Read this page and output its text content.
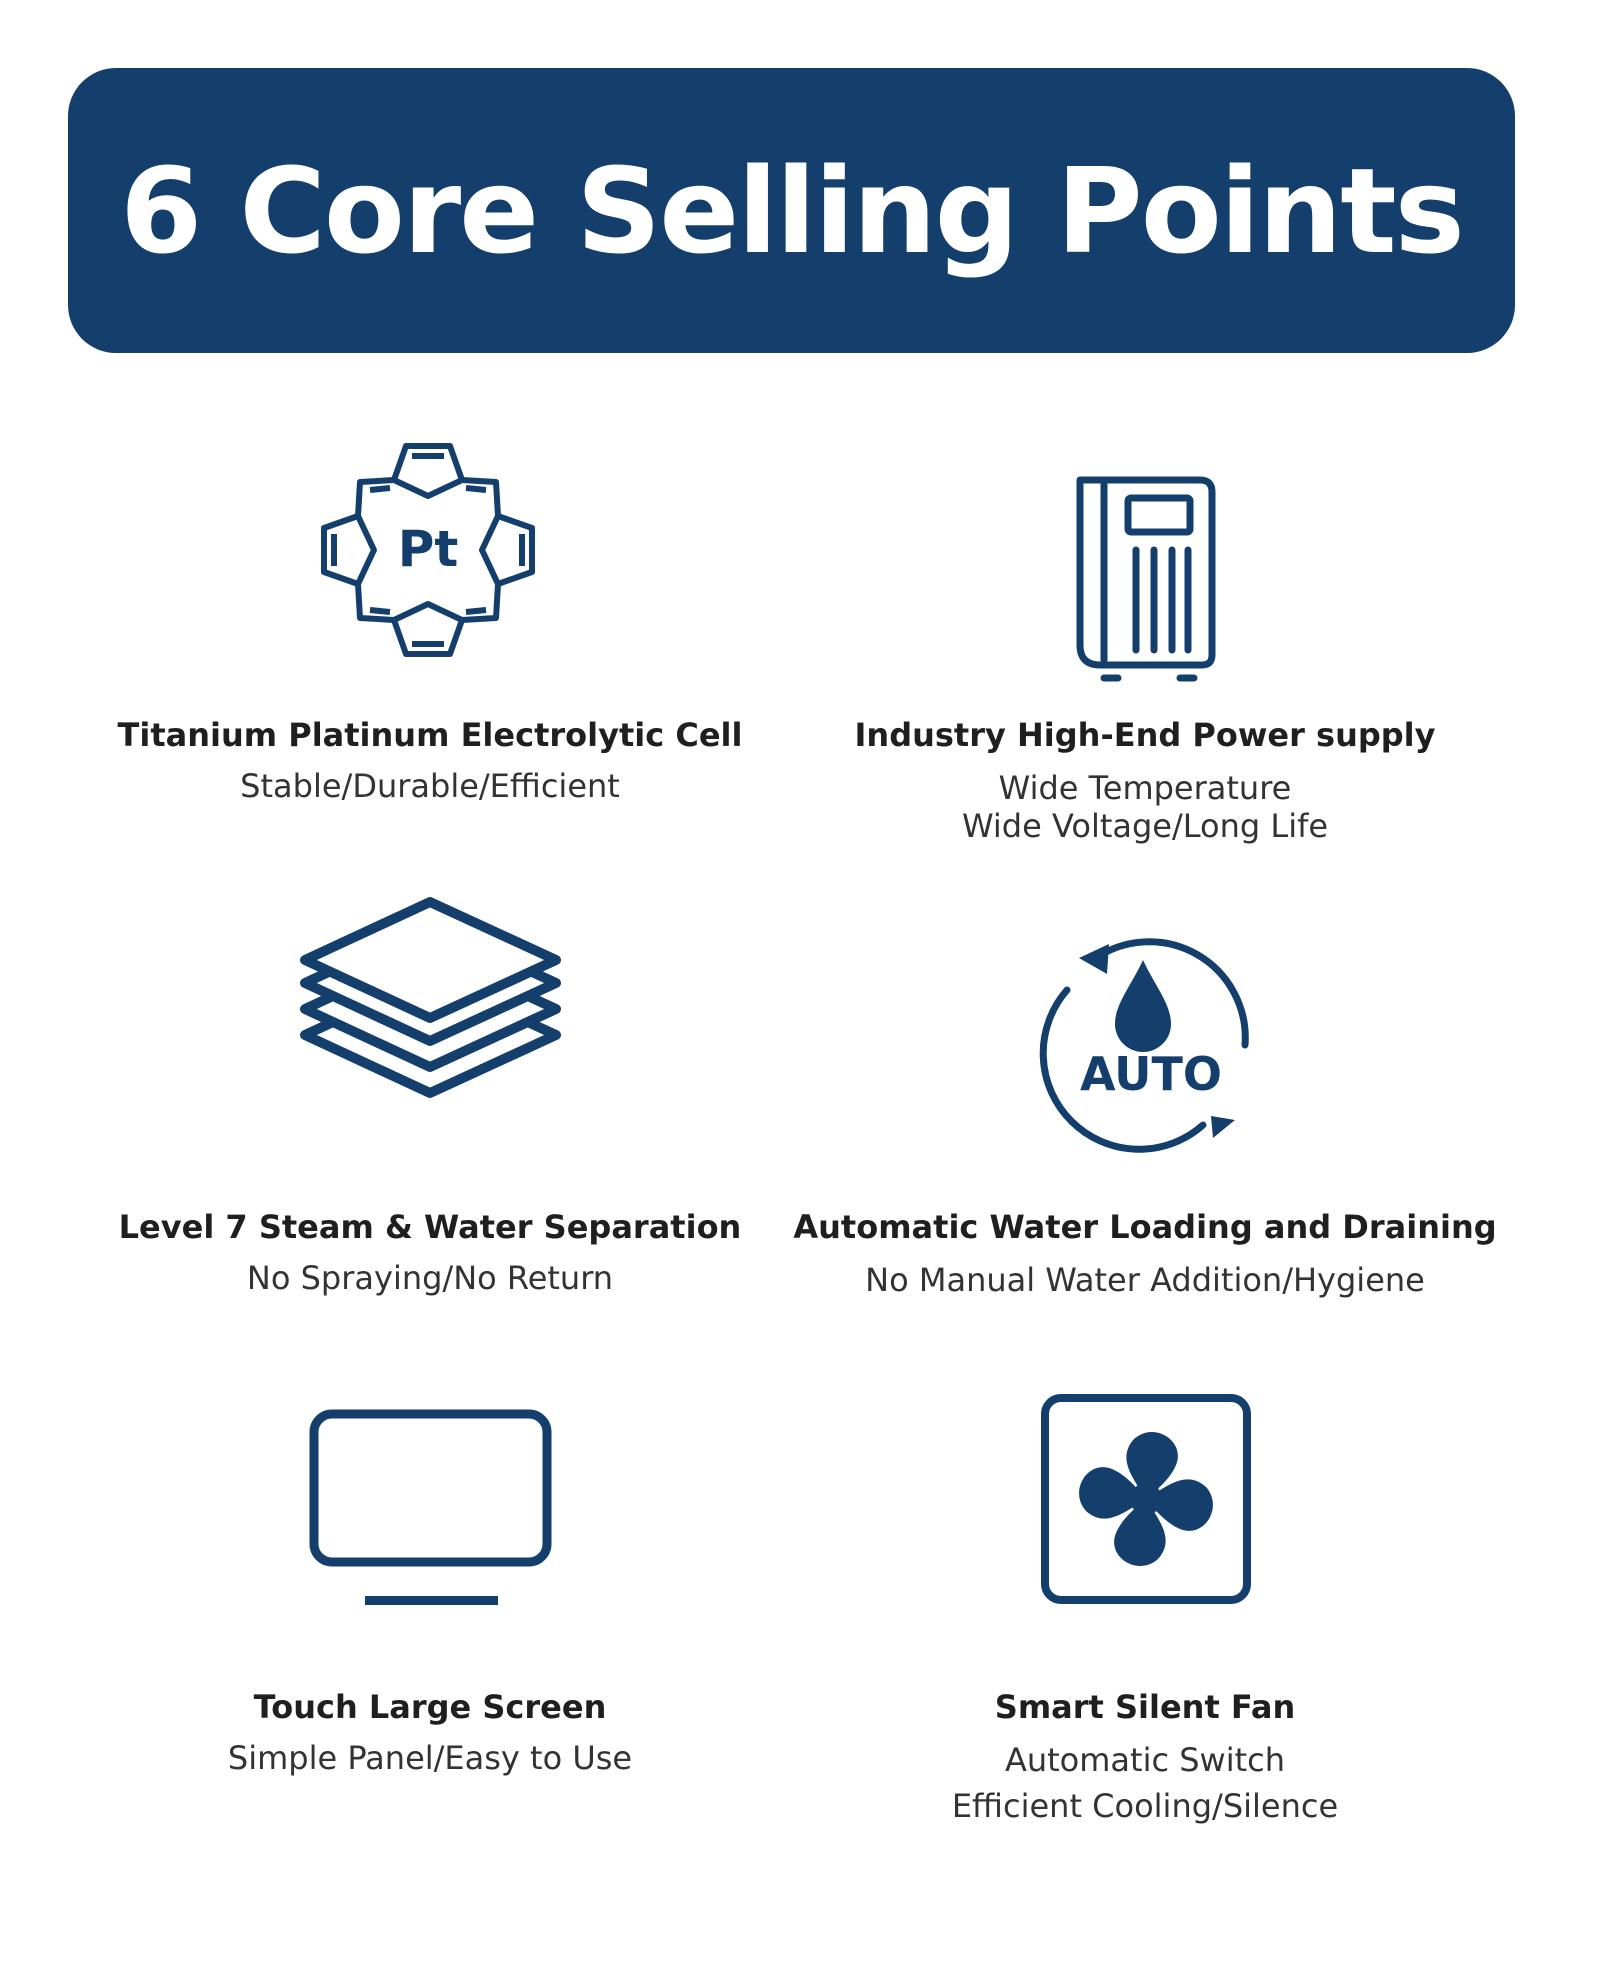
6 Core Selling Points
Pt
Titanium Platinum Electrolytic Cell
Stable/Durable/Efficient
Industry High-End Power supply
Wide Temperature
Wide Voltage/Long Life
Level 7 Steam & Water Separation
No Spraying/No Return
AUTO
Automatic Water Loading and Draining
No Manual Water Addition/Hygiene
Touch Large Screen
Simple Panel/Easy to Use
Smart Silent Fan
Automatic Switch
Efficient Cooling/Silence
